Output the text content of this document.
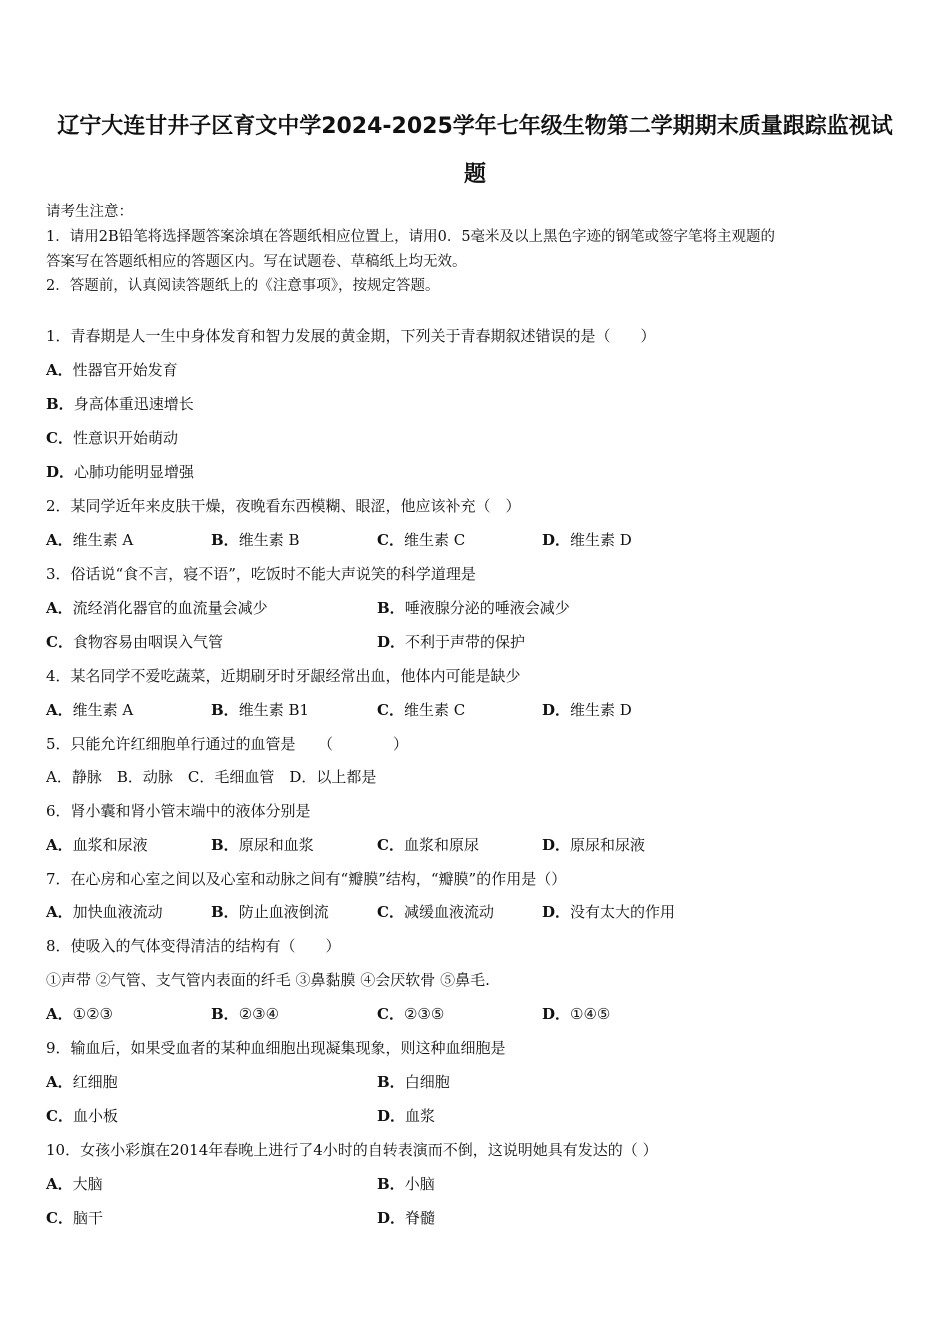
辽宁大连甘井子区育文中学2024-2025学年七年级生物第二学期期末质量跟踪监视试
题
请考生注意：
1．请用2B铅笔将选择题答案涂填在答题纸相应位置上，请用0．5毫米及以上黑色字迹的钢笔或签字笔将主观题的
答案写在答题纸相应的答题区内。写在试题卷、草稿纸上均无效。
2．答题前，认真阅读答题纸上的《注意事项》，按规定答题。
1．青春期是人一生中身体发育和智力发展的黄金期，下列关于青春期叙述错误的是（　　）
A．性器官开始发育
B．身高体重迅速增长
C．性意识开始萌动
D．心肺功能明显增强
2．某同学近年来皮肤干燥，夜晚看东西模糊、眼涩，他应该补充（　）
A．维生素 A	B．维生素 B	C．维生素 C	D．维生素 D
3．俗话说“食不言，寝不语”，吃饭时不能大声说笑的科学道理是
A．流经消化器官的血流量会减少	B．唾液腺分泌的唾液会减少
C．食物容易由咽误入气管	D．不利于声带的保护
4．某名同学不爱吃蔬菜，近期刷牙时牙龈经常出血，他体内可能是缺少
A．维生素 A	B．维生素 B1	C．维生素 C	D．维生素 D
5．只能允许红细胞单行通过的血管是　　（　　　　）
A．静脉　B．动脉　C．毛细血管　D．以上都是
6．肾小囊和肾小管末端中的液体分别是
A．血浆和尿液	B．原尿和血浆	C．血浆和原尿	D．原尿和尿液
7．在心房和心室之间以及心室和动脉之间有“瓣膜”结构，“瓣膜”的作用是（）
A．加快血液流动	B．防止血液倒流	C．减缓血液流动	D．没有太大的作用
8．使吸入的气体变得清洁的结构有（　　）
①声带 ②气管、支气管内表面的纤毛 ③鼻黏膜 ④会厌软骨 ⑤鼻毛.
A．①②③	B．②③④	C．②③⑤	D．①④⑤
9．输血后，如果受血者的某种血细胞出现凝集现象，则这种血细胞是
A．红细胞	B．白细胞
C．血小板	D．血浆
10．女孩小彩旗在2014年春晚上进行了4小时的自转表演而不倒，这说明她具有发达的（ ）
A．大脑	B．小脑
C．脑干	D．脊髓
